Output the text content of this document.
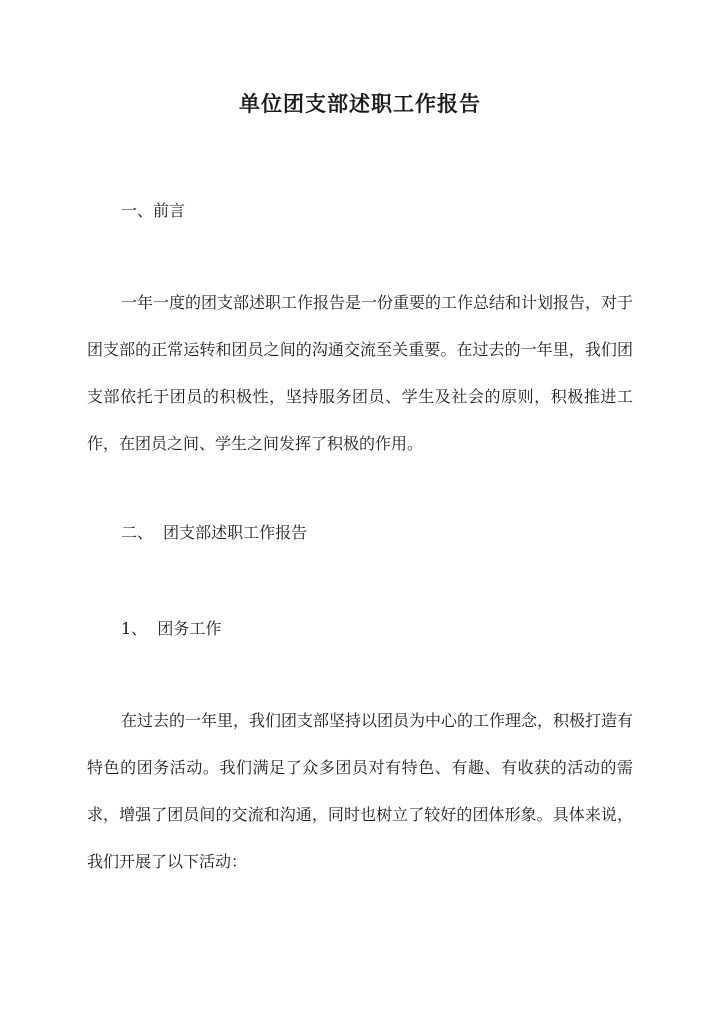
单位团支部述职工作报告
一、前言
一年一度的团支部述职工作报告是一份重要的工作总结和计划报告，对于团支部的正常运转和团员之间的沟通交流至关重要。在过去的一年里，我们团支部依托于团员的积极性，坚持服务团员、学生及社会的原则，积极推进工作，在团员之间、学生之间发挥了积极的作用。
二、  团支部述职工作报告
1、  团务工作
在过去的一年里，我们团支部坚持以团员为中心的工作理念，积极打造有特色的团务活动。我们满足了众多团员对有特色、有趣、有收获的活动的需求，增强了团员间的交流和沟通，同时也树立了较好的团体形象。具体来说，我们开展了以下活动：
